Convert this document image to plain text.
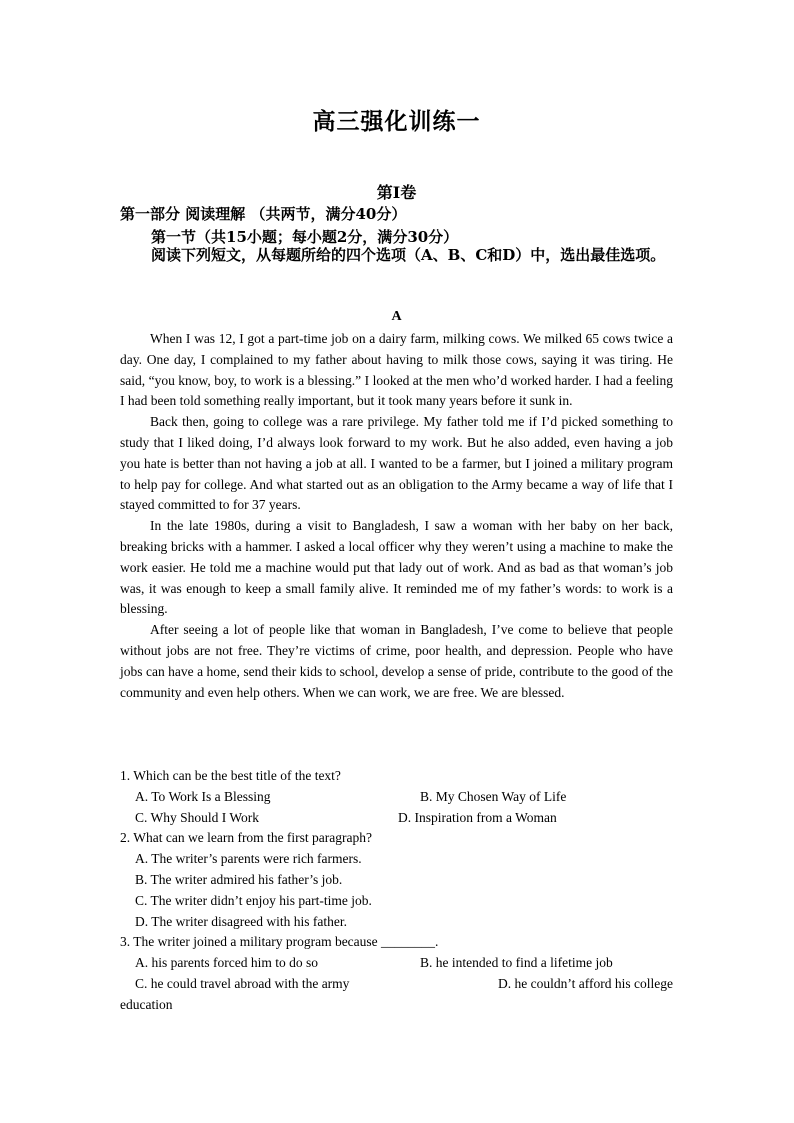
高三强化训练一
第Ⅰ卷
第一部分 阅读理解 （共两节，满分40分）
第一节（共15小题；每小题2分，满分30分）
阅读下列短文，从每题所给的四个选项（A、B、C和D）中，选出最佳选项。
A

When I was 12, I got a part-time job on a dairy farm, milking cows. We milked 65 cows twice a day. One day, I complained to my father about having to milk those cows, saying it was tiring. He said, “you know, boy, to work is a blessing.” I looked at the men who’d worked harder. I had a feeling I had been told something really important, but it took many years before it sunk in.

Back then, going to college was a rare privilege. My father told me if I’d picked something to study that I liked doing, I’d always look forward to my work. But he also added, even having a job you hate is better than not having a job at all. I wanted to be a farmer, but I joined a military program to help pay for college. And what started out as an obligation to the Army became a way of life that I stayed committed to for 37 years.

In the late 1980s, during a visit to Bangladesh, I saw a woman with her baby on her back, breaking bricks with a hammer. I asked a local officer why they weren’t using a machine to make the work easier. He told me a machine would put that lady out of work. And as bad as that woman’s job was, it was enough to keep a small family alive. It reminded me of my father’s words: to work is a blessing.

After seeing a lot of people like that woman in Bangladesh, I’ve come to believe that people without jobs are not free. They’re victims of crime, poor health, and depression. People who have jobs can have a home, send their kids to school, develop a sense of pride, contribute to the good of the community and even help others. When we can work, we are free. We are blessed.

1. Which can be the best title of the text?

A. To Work Is a Blessing	B. My Chosen Way of Life
C. Why Should I Work	D. Inspiration from a Woman

2. What can we learn from the first paragraph?

A. The writer’s parents were rich farmers.
B. The writer admired his father’s job.
C. The writer didn’t enjoy his part-time job.
D. The writer disagreed with his father.

3. The writer joined a military program because ________.

A. his parents forced him to do so	B. he intended to find a lifetime job
C. he could travel abroad with the army	D. he couldn’t afford his college
education
